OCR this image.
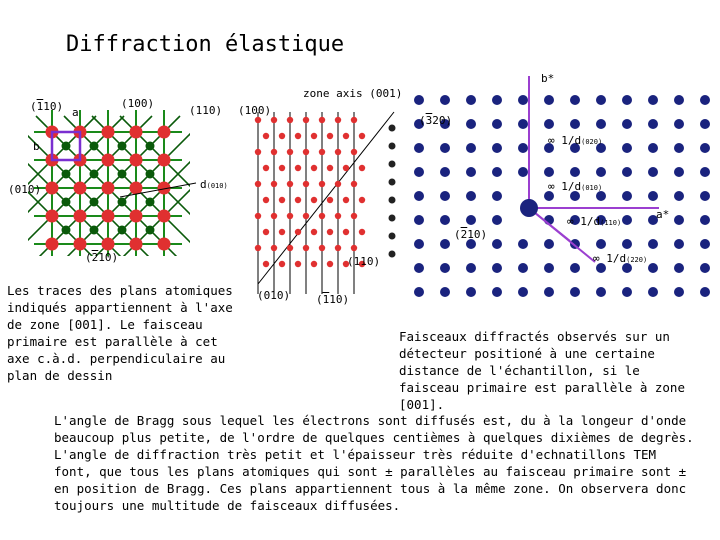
Diffraction élastique
(110) a
(100)
(110)
b
(010)	d(010)
(210)
(100)
(010)
(110)
(110)
zone axis (001)
b*
a*
(320)
(210)
∞ 1/d(020)
∞ 1/d(010)
∞ 1/d(110)
∞ 1/d(220)
Les traces des plans atomiques indiqués appartiennent à l'axe de zone [001]. Le faisceau primaire est parallèle à cet axe c.à.d. perpendiculaire au plan de dessin
Faisceaux diffractés observés sur un détecteur positioné à une certaine distance de l'échantillon, si le faisceau primaire est parallèle à zone [001].
L'angle de Bragg sous lequel les électrons sont diffusés est, du à la longeur d'onde beaucoup plus petite, de l'ordre de quelques centièmes à quelques dixièmes de degrès. L'angle de diffraction très petit et l'épaisseur très réduite d'echnatillons TEM font, que tous les plans atomiques qui sont ± parallèles au faisceau primaire sont ± en position de Bragg. Ces plans appartiennent tous à la même zone. On observera donc toujours une multitude de faisceaux diffusées.
